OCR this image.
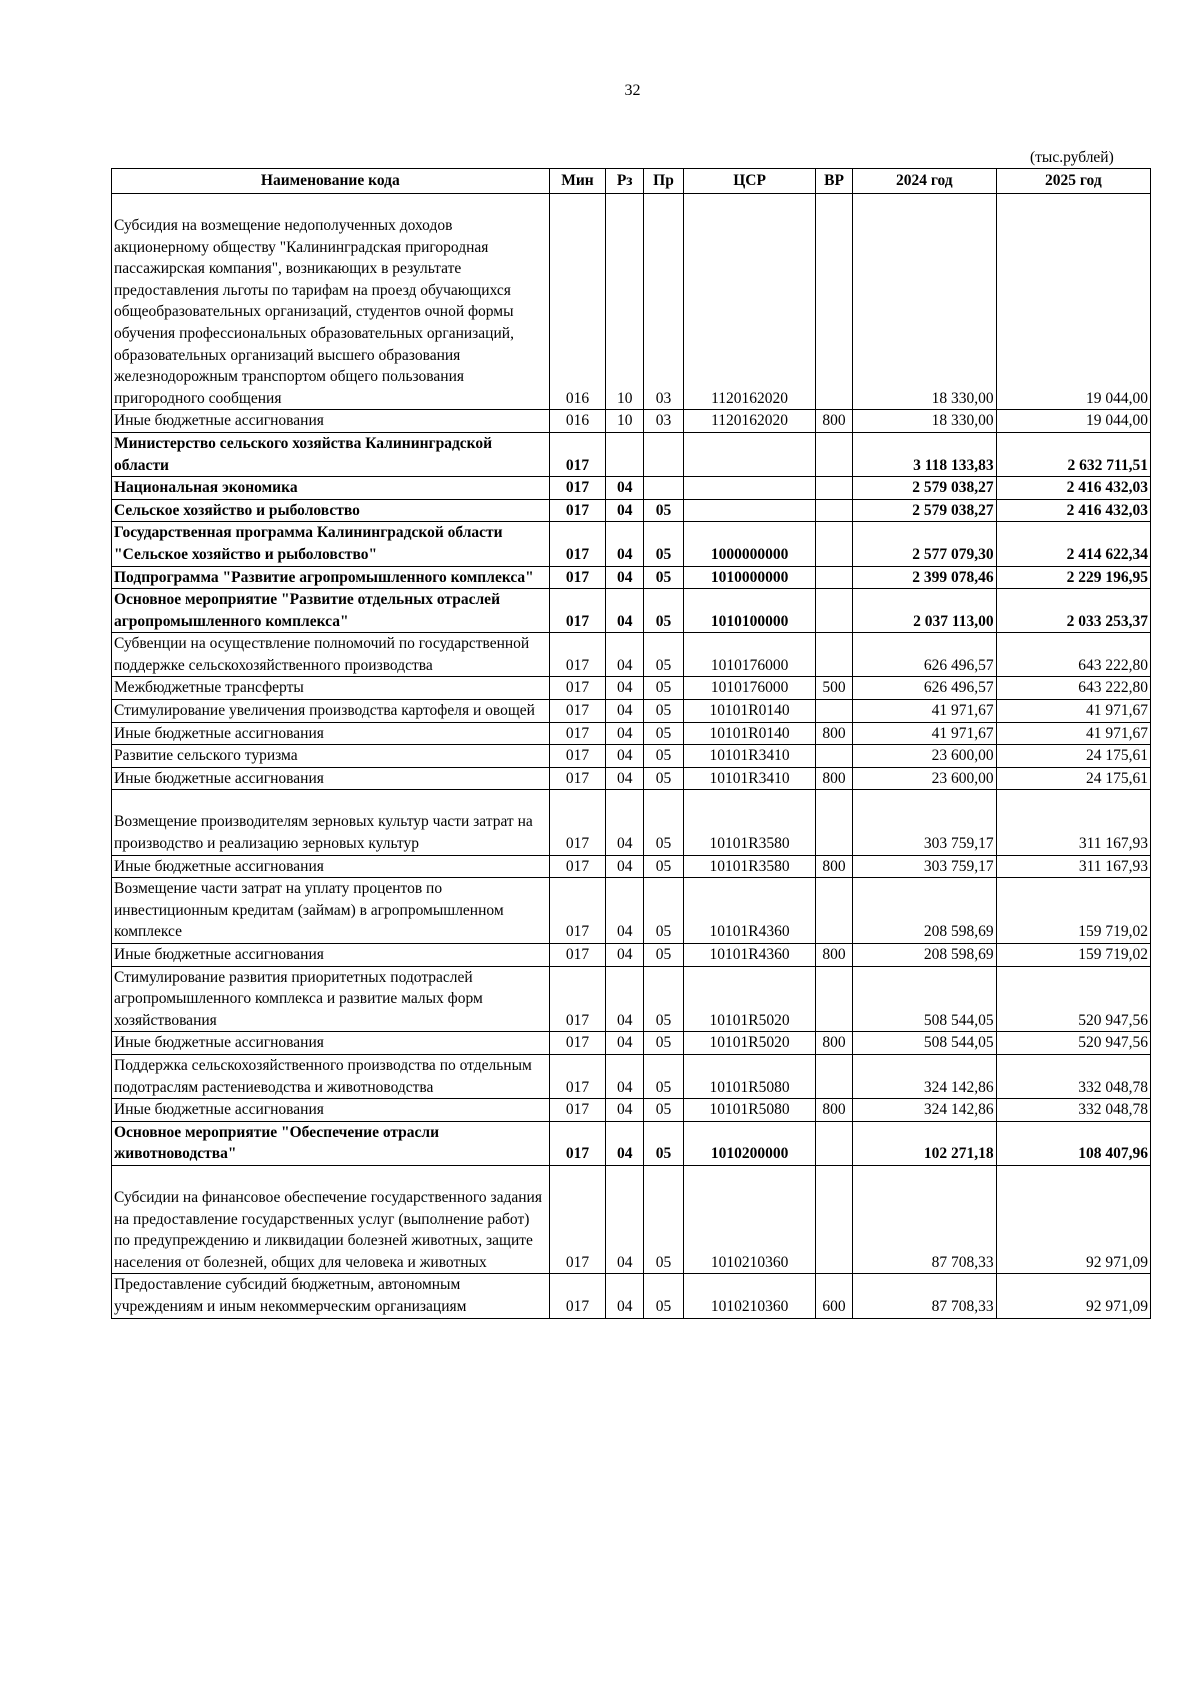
32
(тыс.рублей)
Наименование кода	Мин	Рз	Пр	ЦСР	ВР	2024 год	2025 год
Субсидия на возмещение недополученных доходов акционерному обществу "Калининградская пригородная пассажирская компания", возникающих в результате предоставления льготы по тарифам на проезд обучающихся общеобразовательных организаций, студентов очной формы обучения профессиональных образовательных организаций, образовательных организаций высшего образования железнодорожным транспортом общего пользования пригородного сообщения	016	10	03	1120162020		18 330,00	19 044,00
Иные бюджетные ассигнования	016	10	03	1120162020	800	18 330,00	19 044,00
Министерство сельского хозяйства Калининградской области	017					3 118 133,83	2 632 711,51
Национальная экономика	017	04				2 579 038,27	2 416 432,03
Сельское хозяйство и рыболовство	017	04	05			2 579 038,27	2 416 432,03
Государственная программа Калининградской области "Сельское хозяйство и рыболовство"	017	04	05	1000000000		2 577 079,30	2 414 622,34
Подпрограмма "Развитие агропромышленного комплекса"	017	04	05	1010000000		2 399 078,46	2 229 196,95
Основное мероприятие "Развитие отдельных отраслей агропромышленного комплекса"	017	04	05	1010100000		2 037 113,00	2 033 253,37
Субвенции на осуществление полномочий по государственной поддержке сельскохозяйственного производства	017	04	05	1010176000		626 496,57	643 222,80
Межбюджетные трансферты	017	04	05	1010176000	500	626 496,57	643 222,80
Стимулирование увеличения производства картофеля и овощей	017	04	05	10101R0140		41 971,67	41 971,67
Иные бюджетные ассигнования	017	04	05	10101R0140	800	41 971,67	41 971,67
Развитие сельского туризма	017	04	05	10101R3410		23 600,00	24 175,61
Иные бюджетные ассигнования	017	04	05	10101R3410	800	23 600,00	24 175,61
Возмещение производителям зерновых культур части затрат на производство и реализацию зерновых культур	017	04	05	10101R3580		303 759,17	311 167,93
Иные бюджетные ассигнования	017	04	05	10101R3580	800	303 759,17	311 167,93
Возмещение части затрат на уплату процентов по инвестиционным кредитам (займам) в агропромышленном комплексе	017	04	05	10101R4360		208 598,69	159 719,02
Иные бюджетные ассигнования	017	04	05	10101R4360	800	208 598,69	159 719,02
Стимулирование развития приоритетных подотраслей агропромышленного комплекса и развитие малых форм хозяйствования	017	04	05	10101R5020		508 544,05	520 947,56
Иные бюджетные ассигнования	017	04	05	10101R5020	800	508 544,05	520 947,56
Поддержка сельскохозяйственного производства по отдельным подотраслям растениеводства и животноводства	017	04	05	10101R5080		324 142,86	332 048,78
Иные бюджетные ассигнования	017	04	05	10101R5080	800	324 142,86	332 048,78
Основное мероприятие "Обеспечение отрасли животноводства"	017	04	05	1010200000		102 271,18	108 407,96
Субсидии на финансовое обеспечение государственного задания на предоставление государственных услуг (выполнение работ) по предупреждению и ликвидации болезней животных, защите населения от болезней, общих для человека и животных	017	04	05	1010210360		87 708,33	92 971,09
Предоставление субсидий бюджетным, автономным учреждениям и иным некоммерческим организациям	017	04	05	1010210360	600	87 708,33	92 971,09
